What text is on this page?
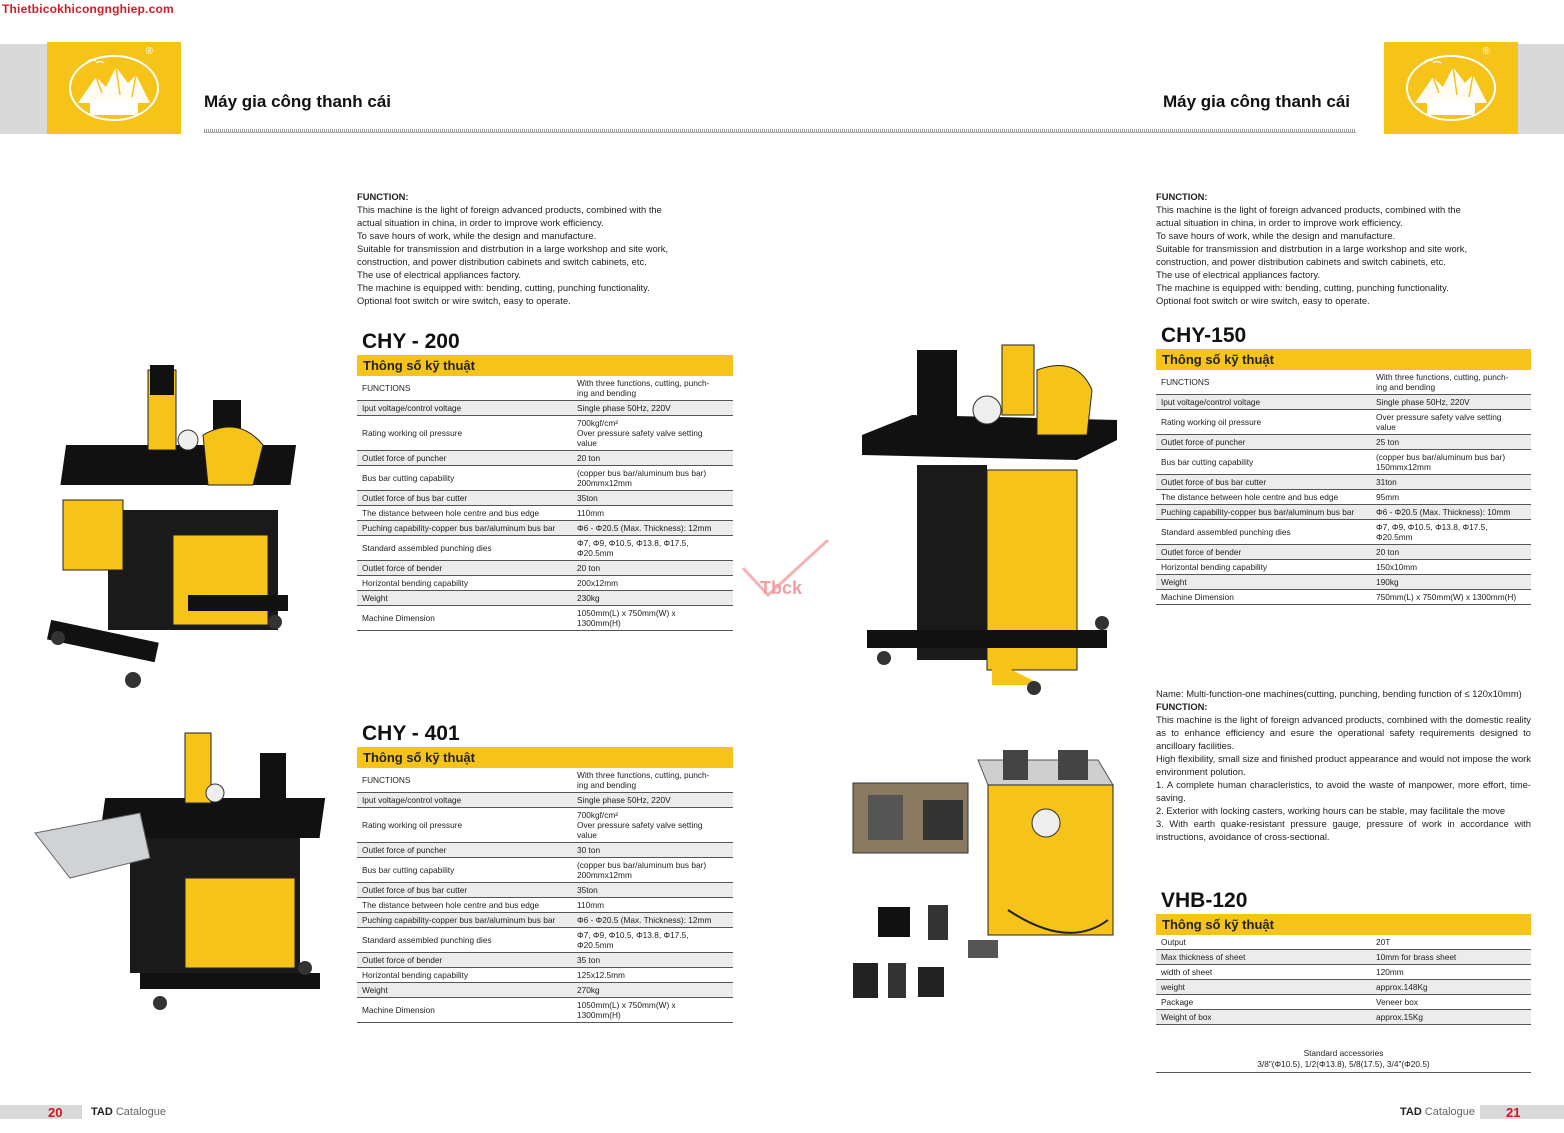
Thietbicokhicongnghiep.com
®
Máy gia công thanh cái	Máy gia công thanh cái
®
FUNCTION:
This machine is the light of foreign advanced products, combined with the
actual situation in china, in order to improve work efficiency.
To save hours of work, while the design and manufacture.
Suitable for transmission and distrbution in a large workshop and site work,
construction, and power distribution cabinets and switch cabinets, etc.
The use of electrical appliances factory.
The machine is equipped with: bending, cutting, punching functionality.
Optional foot switch or wire switch, easy to operate.
FUNCTION:
This machine is the light of foreign advanced products, combined with the
actual situation in china, in order to improve work efficiency.
To save hours of work, while the design and manufacture.
Suitable for transmission and distrbution in a large workshop and site work,
construction, and power distribution cabinets and switch cabinets, etc.
The use of electrical appliances factory.
The machine is equipped with: bending, cutting, punching functionality.
Optional foot switch or wire switch, easy to operate.
Tbck
CHY - 200
Thông số kỹ thuật
FUNCTIONS	With three functions, cutting, punch-
ing and bending
Iput voltage/control voltage	Single phase 50Hz, 220V
Rating working oil pressure	700kgf/cm²
Over pressure safety valve setting
value
Outlet force of puncher	20 ton
Bus bar cutting capability	(copper bus bar/aluminum bus bar)
200mmx12mm
Outlet force of bus bar cutter	35ton
The distance between hole centre and bus edge	110mm
Puching capability-copper bus bar/aluminum bus bar	Φ6 - Φ20.5 (Max. Thickness): 12mm
Standard assembled punching dies	Φ7, Φ9, Φ10.5, Φ13.8, Φ17.5,
Φ20.5mm
Outlet force of bender	20 ton
Horizontal bending capability	200x12mm
Weight	230kg
Machine Dimension	1050mm(L) x 750mm(W) x
1300mm(H)
CHY - 401
Thông số kỹ thuật
FUNCTIONS	With three functions, cutting, punch-
ing and bending
Iput voltage/control voltage	Single phase 50Hz, 220V
Rating working oil pressure	700kgf/cm²
Over pressure safety valve setting
value
Outlet force of puncher	30 ton
Bus bar cutting capability	(copper bus bar/aluminum bus bar)
200mmx12mm
Outlet force of bus bar cutter	35ton
The distance between hole centre and bus edge	110mm
Puching capability-copper bus bar/aluminum bus bar	Φ6 - Φ20.5 (Max. Thickness): 12mm
Standard assembled punching dies	Φ7, Φ9, Φ10.5, Φ13.8, Φ17.5,
Φ20.5mm
Outlet force of bender	35 ton
Horizontal bending capability	125x12.5mm
Weight	270kg
Machine Dimension	1050mm(L) x 750mm(W) x
1300mm(H)
CHY-150
Thông số kỹ thuật
FUNCTIONS	With three functions, cutting, punch-
ing and bending
Iput voltage/control voltage	Single phase 50Hz, 220V
Rating working oil pressure	Over pressure safety valve setting
value
Outlet force of puncher	25 ton
Bus bar cutting capability	(copper bus bar/aluminum bus bar)
150mmx12mm
Outlet force of bus bar cutter	31ton
The distance between hole centre and bus edge	95mm
Puching capability-copper bus bar/aluminum bus bar	Φ6 - Φ20.5 (Max. Thickness): 10mm
Standard assembled punching dies	Φ7, Φ9, Φ10.5, Φ13.8, Φ17.5,
Φ20.5mm
Outlet force of bender	20 ton
Horizontal bending capability	150x10mm
Weight	190kg
Machine Dimension	750mm(L) x 750mm(W) x 1300mm(H)
Name: Multi-function-one machines(cutting, punching, bending function of ≤ 120x10mm)
FUNCTION:
This machine is the light of foreign advanced products, combined with the domestic reality as to enhance efficiency and esure the operational safety requirements designed to ancilloary facilities.
High flexibility, small size and finished product appearance and would not impose the work environment polution.
1. A complete human characleristics, to avoid the waste of manpower, more effort, time-saving.
2. Exterior with locking casters, working hours can be stable, may facilitale the move
3. With earth quake-resistant pressure gauge, pressure of work in accordance with instructions, avoidance of cross-sectional.
VHB-120
Thông số kỹ thuật
Output	20T
Max thickness of sheet	10mm for brass sheet
width of sheet	120mm
weight	approx.148Kg
Package	Veneer box
Weight of box	approx.15Kg
Standard accessories
3/8"(Φ10.5), 1/2(Φ13.8), 5/8(17.5), 3/4"(Φ20.5)
20	TAD Catalogue	TAD Catalogue 21
